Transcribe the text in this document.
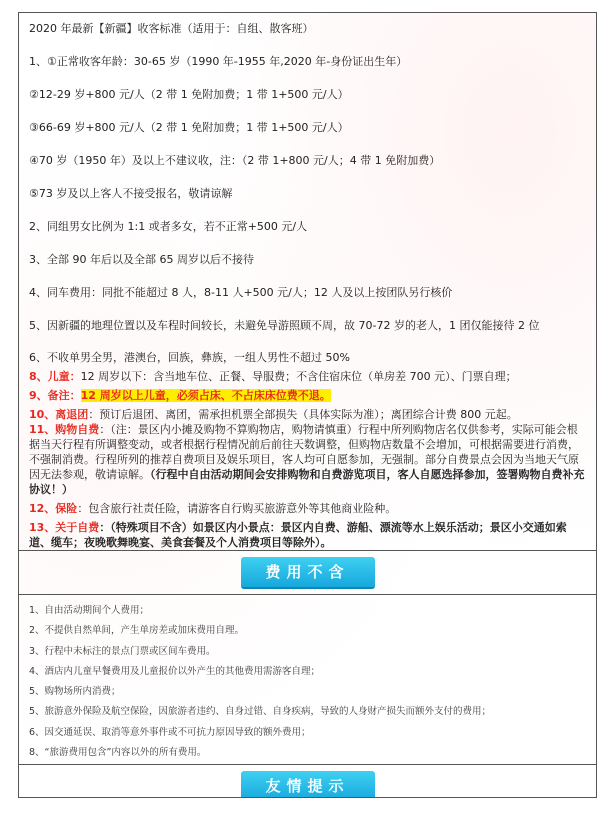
2020 年最新【新疆】收客标准（适用于：自组、散客班）

1、①正常收客年龄：30-65 岁（1990 年-1955 年,2020 年-身份证出生年）

②12-29 岁+800 元/人（2 带 1 免附加费；1 带 1+500 元/人）

③66-69 岁+800 元/人（2 带 1 免附加费；1 带 1+500 元/人）

④70 岁（1950 年）及以上不建议收，注：（2 带 1+800 元/人；4 带 1 免附加费）

⑤73 岁及以上客人不接受报名，敬请谅解

2、同组男女比例为 1:1 或者多女，若不正常+500 元/人

3、全部 90 年后以及全部 65 周岁以后不接待

4、同车费用：同批不能超过 8 人，8-11 人+500 元/人；12 人及以上按团队另行核价

5、因新疆的地理位置以及车程时间较长，未避免导游照顾不周，故 70-72 岁的老人，1 团仅能接待 2 位

6、不收单男全男，港澳台，回族，彝族，一组人男性不超过 50%

8、儿童：12 周岁以下：含当地车位、正餐、导服费；不含住宿床位（单房差 700 元）、门票自理；

9、备注：12 周岁以上儿童，必须占床、不占床床位费不退。

10、离退团：预订后退团、离团，需承担机票全部损失（具体实际为准）；离团综合计费 800 元起。

11、购物自费：（注：景区内小摊及购物不算购物店，购物请慎重）行程中所列购物店名仅供参考，实际可能会根据当天行程有所调整变动，或者根据行程情况前后前往天数调整，但购物店数量不会增加，可根据需要进行消费，不强制消费。行程所列的推荐自费项目及娱乐项目，客人均可自愿参加，无强制。部分自费景点会因为当地天气原因无法参观，敬请谅解。（行程中自由活动期间会安排购物和自费游览项目，客人自愿选择参加，签署购物自费补充协议！）

12、保险：包含旅行社责任险，请游客自行购买旅游意外等其他商业险种。

13、关于自费：（特殊项目不含）如景区内小景点：景区内自费、游船、漂流等水上娱乐活动；景区小交通如索道、缆车；夜晚歌舞晚宴、美食套餐及个人消费项目等除外）。

费用不含

1、自由活动期间个人费用；

2、不提供自然单间，产生单房差或加床费用自理。

3、行程中未标注的景点门票或区间车费用。

4、酒店内儿童早餐费用及儿童报价以外产生的其他费用需游客自理；

5、购物场所内消费；

5、旅游意外保险及航空保险，因旅游者违约、自身过错、自身疾病，导致的人身财产损失而额外支付的费用；

6、因交通延误、取消等意外事件或不可抗力原因导致的额外费用；

8、“旅游费用包含”内容以外的所有费用。

友情提示
